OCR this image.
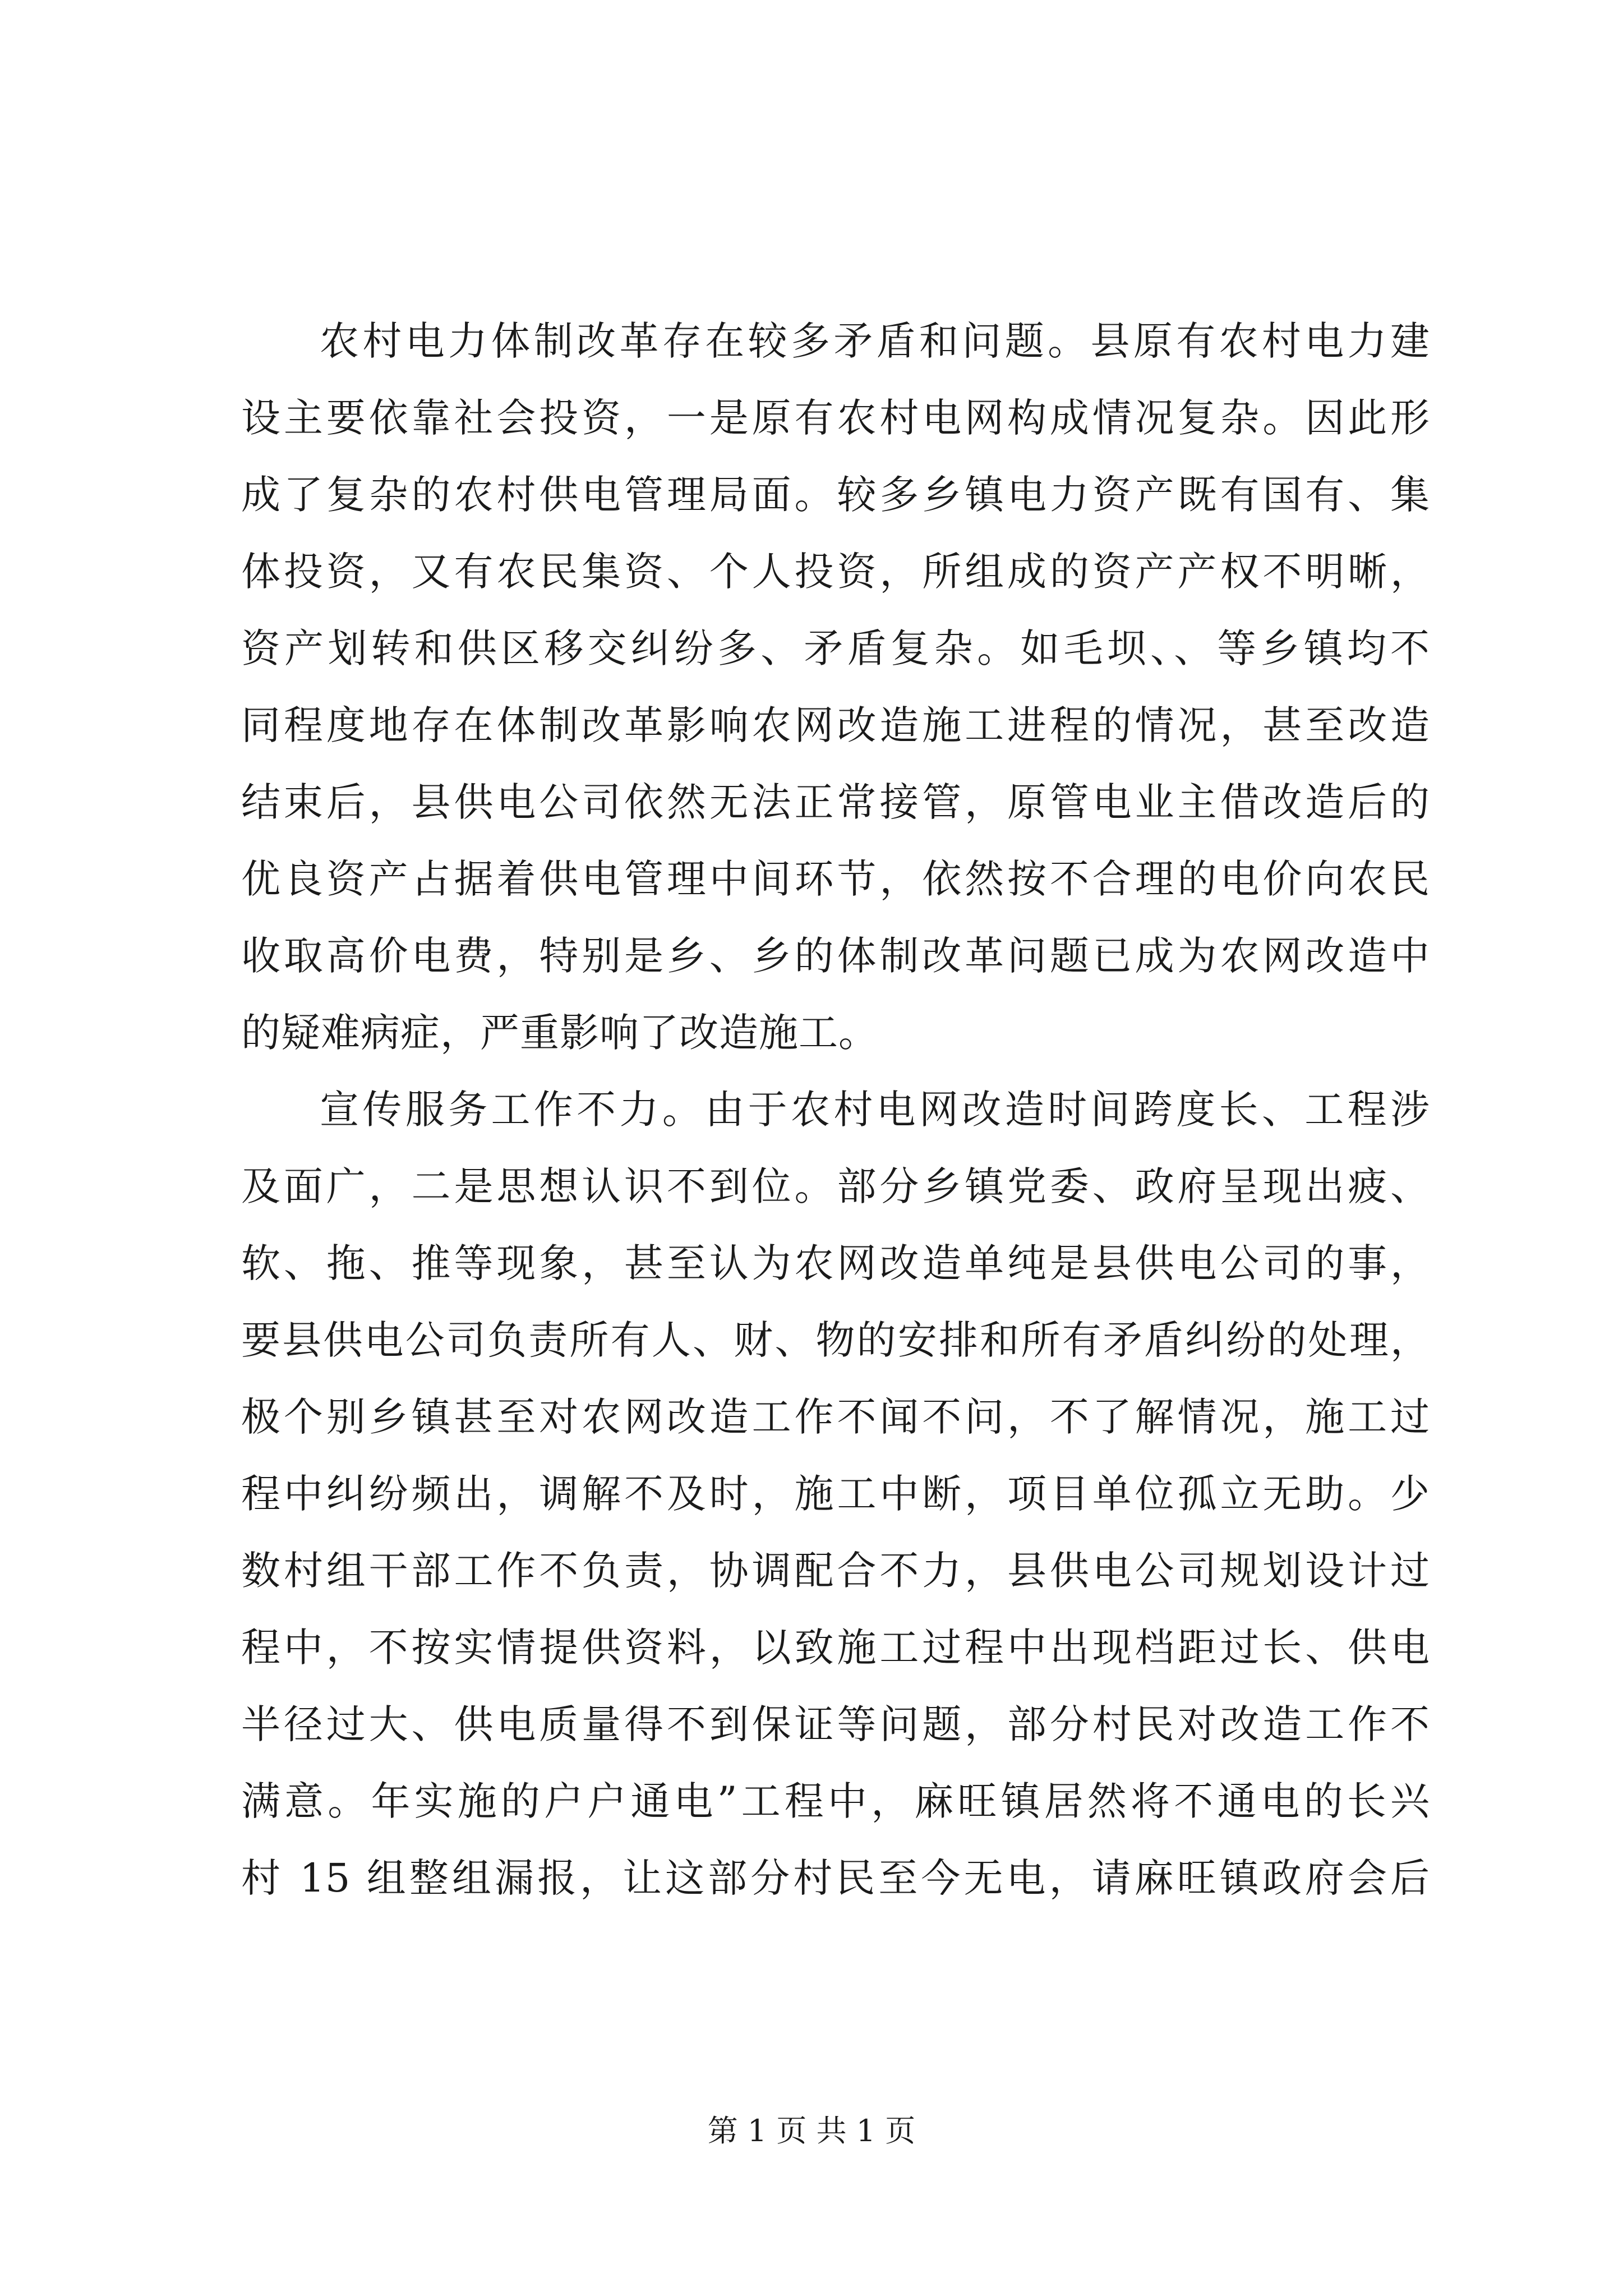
农村电力体制改革存在较多矛盾和问题。县原有农村电力建
设主要依靠社会投资，一是原有农村电网构成情况复杂。因此形
成了复杂的农村供电管理局面。较多乡镇电力资产既有国有、集
体投资，又有农民集资、个人投资，所组成的资产产权不明晰，
资产划转和供区移交纠纷多、矛盾复杂。如毛坝、、等乡镇均不
同程度地存在体制改革影响农网改造施工进程的情况，甚至改造
结束后，县供电公司依然无法正常接管，原管电业主借改造后的
优良资产占据着供电管理中间环节，依然按不合理的电价向农民
收取高价电费，特别是乡、乡的体制改革问题已成为农网改造中
的疑难病症，严重影响了改造施工。
宣传服务工作不力。由于农村电网改造时间跨度长、工程涉
及面广，二是思想认识不到位。部分乡镇党委、政府呈现出疲、
软、拖、推等现象，甚至认为农网改造单纯是县供电公司的事，
要县供电公司负责所有人、财、物的安排和所有矛盾纠纷的处理，
极个别乡镇甚至对农网改造工作不闻不问，不了解情况，施工过
程中纠纷频出，调解不及时，施工中断，项目单位孤立无助。少
数村组干部工作不负责，协调配合不力，县供电公司规划设计过
程中，不按实情提供资料，以致施工过程中出现档距过长、供电
半径过大、供电质量得不到保证等问题，部分村民对改造工作不
满意。年实施的户户通电”工程中，麻旺镇居然将不通电的长兴
村 15 组整组漏报，让这部分村民至今无电，请麻旺镇政府会后
第 1 页 共 1 页
